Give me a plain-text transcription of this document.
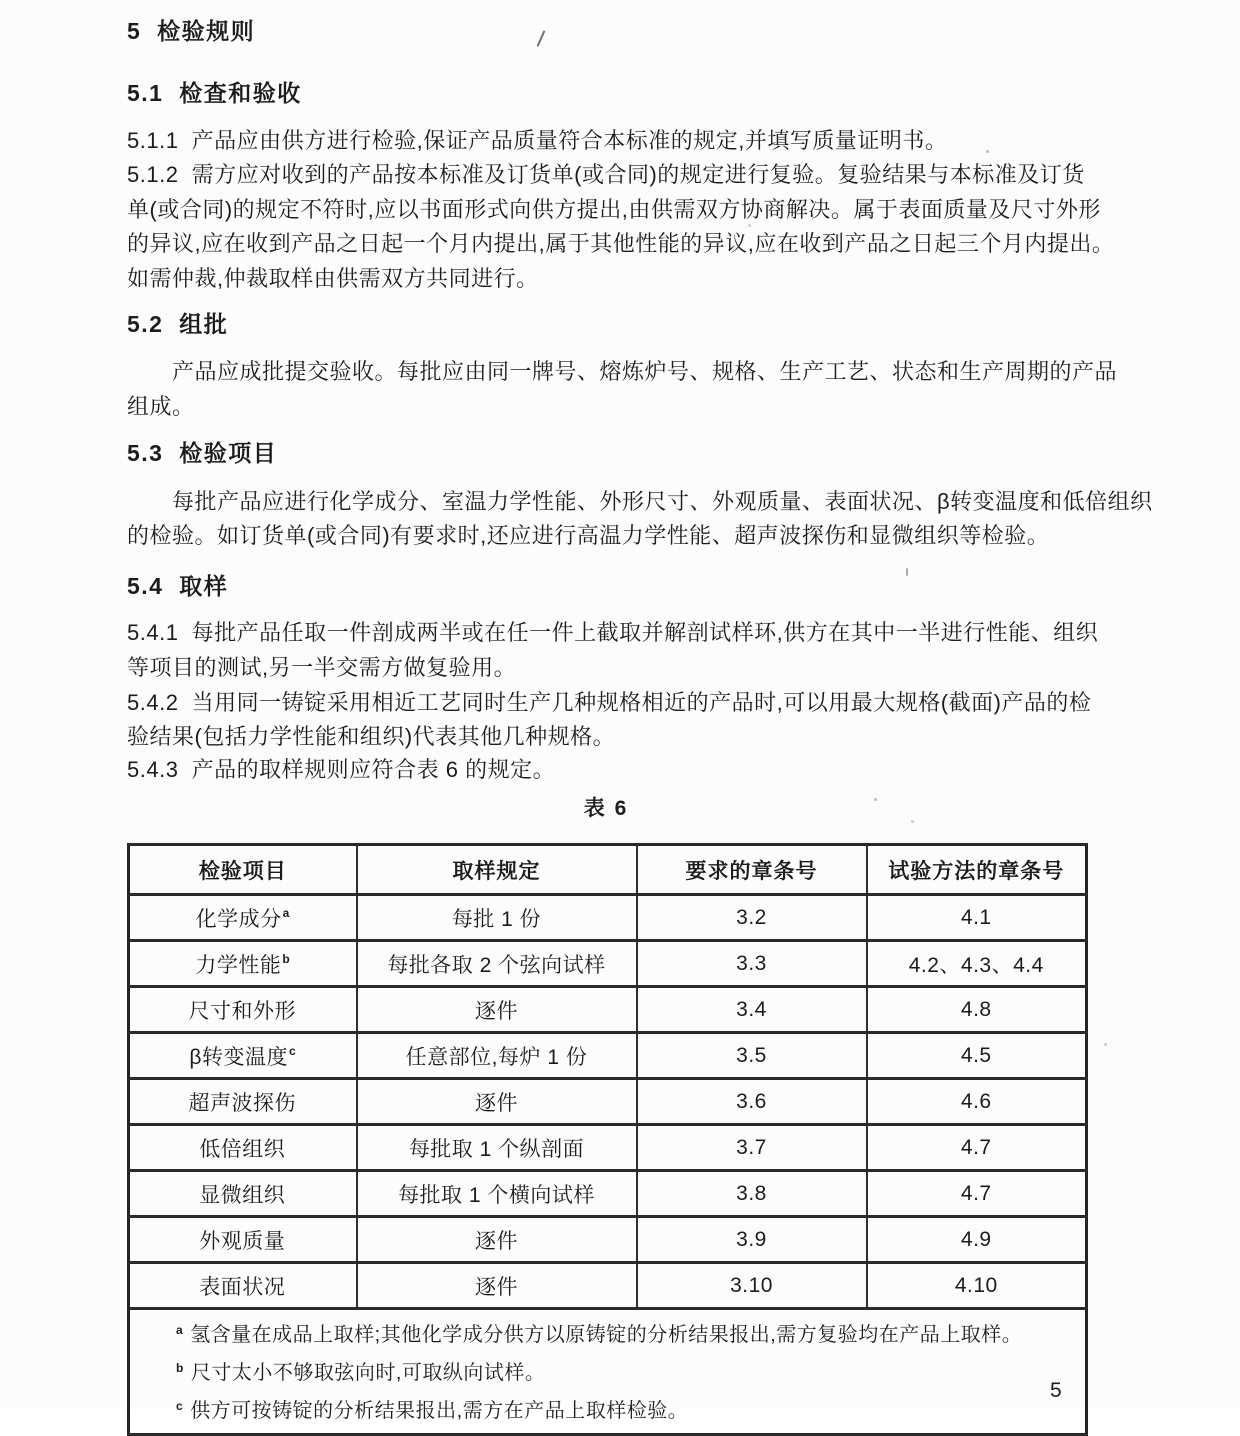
5  检验规则
5.1  检查和验收
5.1.1  产品应由供方进行检验,保证产品质量符合本标准的规定,并填写质量证明书。
5.1.2  需方应对收到的产品按本标准及订货单(或合同)的规定进行复验。复验结果与本标准及订货
单(或合同)的规定不符时,应以书面形式向供方提出,由供需双方协商解决。属于表面质量及尺寸外形
的异议,应在收到产品之日起一个月内提出,属于其他性能的异议,应在收到产品之日起三个月内提出。
如需仲裁,仲裁取样由供需双方共同进行。
5.2  组批
　　产品应成批提交验收。每批应由同一牌号、熔炼炉号、规格、生产工艺、状态和生产周期的产品
组成。
5.3  检验项目
　　每批产品应进行化学成分、室温力学性能、外形尺寸、外观质量、表面状况、β转变温度和低倍组织
的检验。如订货单(或合同)有要求时,还应进行高温力学性能、超声波探伤和显微组织等检验。
5.4  取样
5.4.1  每批产品任取一件剖成两半或在任一件上截取并解剖试样环,供方在其中一半进行性能、组织
等项目的测试,另一半交需方做复验用。
5.4.2  当用同一铸锭采用相近工艺同时生产几种规格相近的产品时,可以用最大规格(截面)产品的检
验结果(包括力学性能和组织)代表其他几种规格。
5.4.3  产品的取样规则应符合表 6 的规定。
表 6
检验项目	取样规定	要求的章条号	试验方法的章条号
化学成分$^a$	每批 1 份	3.2	4.1
力学性能$^b$	每批各取 2 个弦向试样	3.3	4.2、4.3、4.4
尺寸和外形	逐件	3.4	4.8
β转变温度$^c$	任意部位,每炉 1 份	3.5	4.5
超声波探伤	逐件	3.6	4.6
低倍组织	每批取 1 个纵剖面	3.7	4.7
显微组织	每批取 1 个横向试样	3.8	4.7
外观质量	逐件	3.9	4.9
表面状况	逐件	3.10	4.10

$^a$ 氢含量在成品上取样;其他化学成分供方以原铸锭的分析结果报出,需方复验均在产品上取样。
$^b$ 尺寸太小不够取弦向时,可取纵向试样。
$^c$ 供方可按铸锭的分析结果报出,需方在产品上取样检验。			
5
